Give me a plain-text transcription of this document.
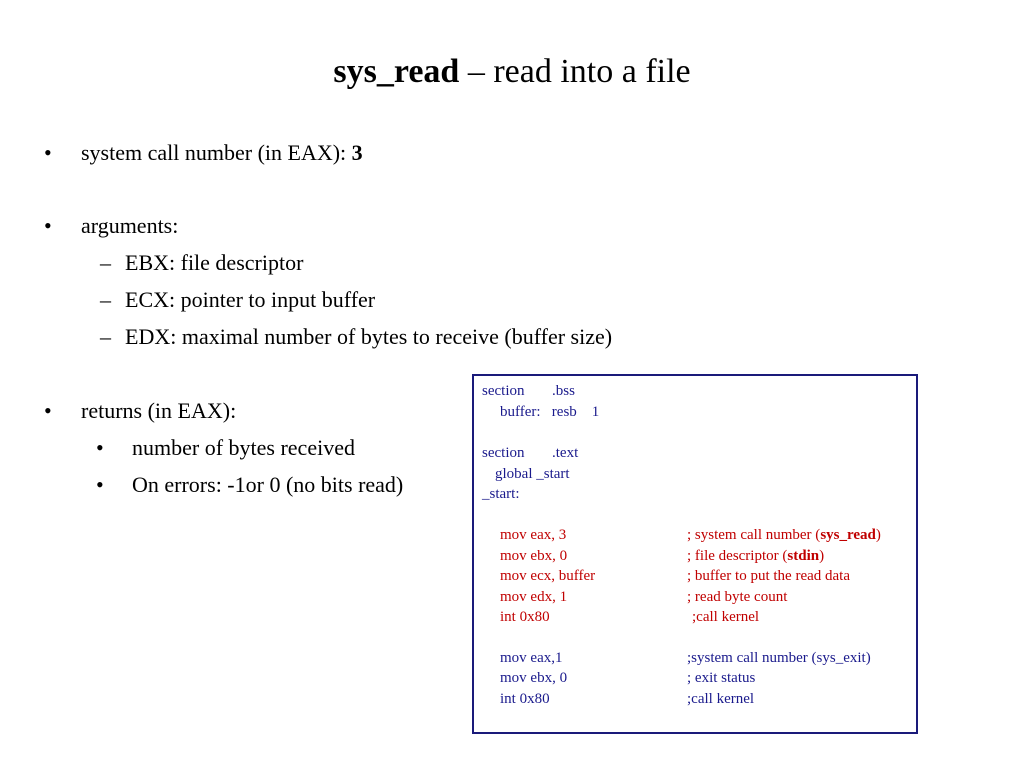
sys_read – read into a file
• system call number (in EAX): 3
• arguments:
– EBX: file descriptor
– ECX: pointer to input buffer
– EDX: maximal number of bytes to receive (buffer size)
• returns (in EAX):
• number of bytes received
• On errors: -1or 0 (no bits read)
section .bss
buffer:   resb    1
section .text
global _start
_start:
mov eax, 3	; system call number (sys_read)
mov ebx, 0	; file descriptor (stdin)
mov ecx, buffer	; buffer to put the read data
mov edx, 1	; read byte count
int 0x80	;call kernel
mov eax,1	;system call number (sys_exit)
mov ebx, 0	; exit status
int 0x80	;call kernel
